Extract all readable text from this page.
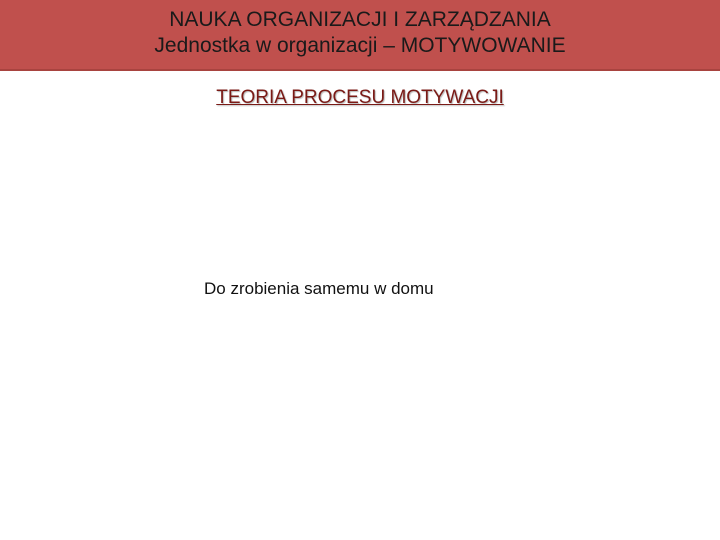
NAUKA ORGANIZACJI I ZARZĄDZANIA
Jednostka w organizacji – MOTYWOWANIE
TEORIA PROCESU MOTYWACJI
Do zrobienia samemu w domu
